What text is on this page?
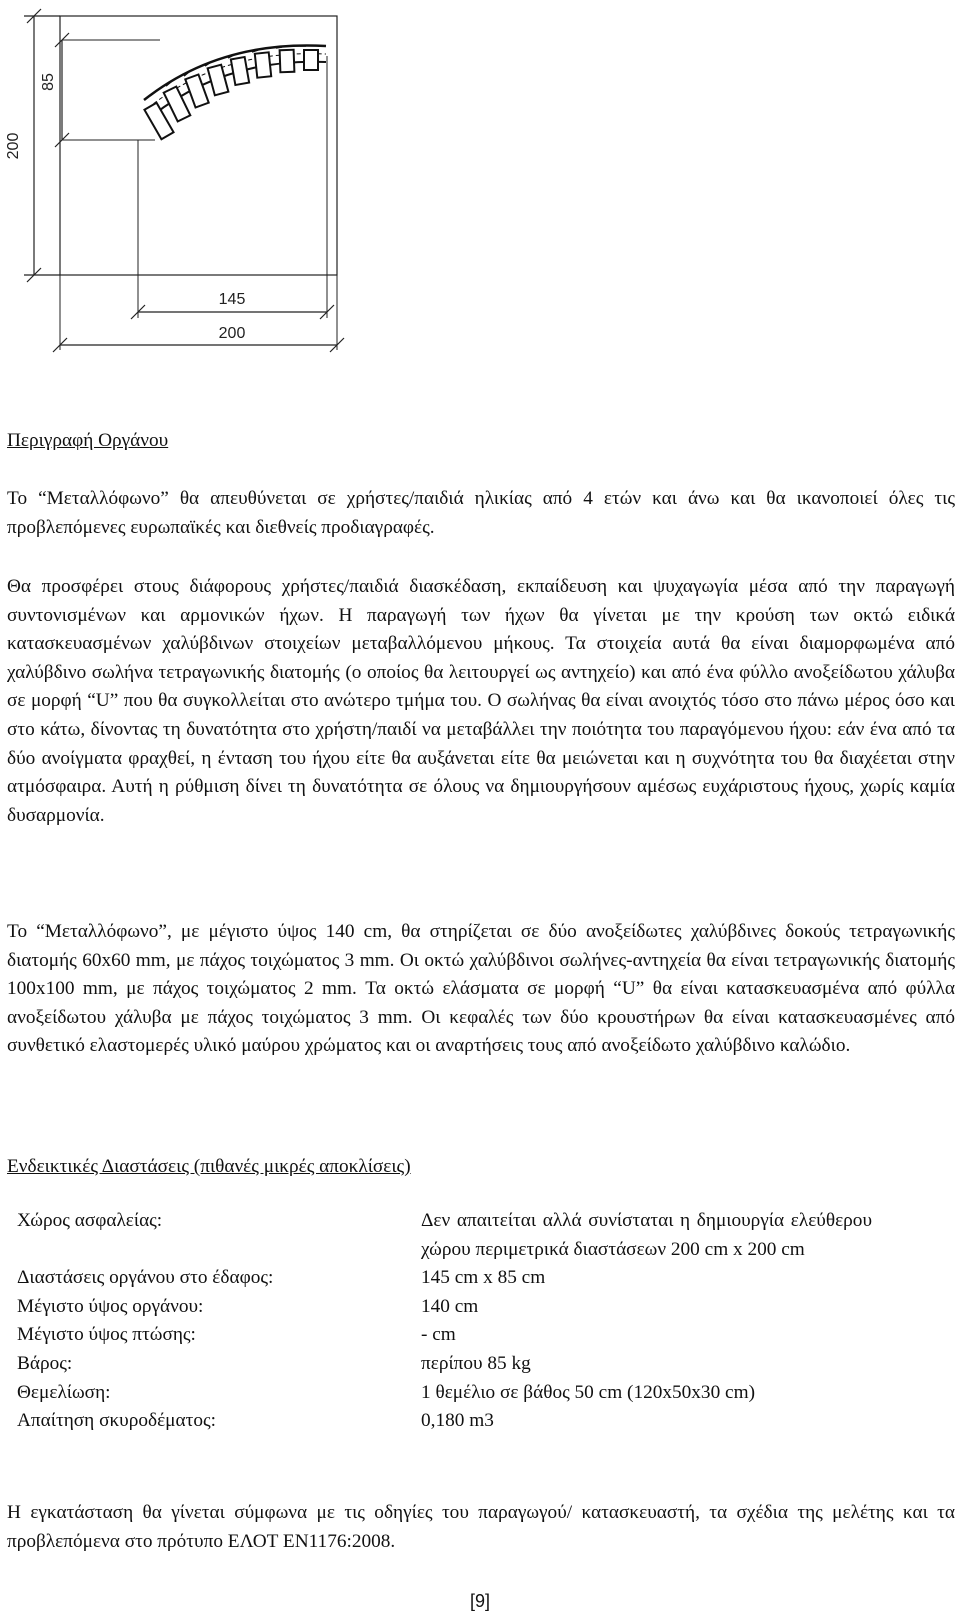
200
85
145
200
Περιγραφή Οργάνου
Το “Μεταλλόφωνο” θα απευθύνεται σε χρήστες/παιδιά ηλικίας από 4 ετών και άνω και θα ικανοποιεί όλες τις προβλεπόμενες ευρωπαϊκές και διεθνείς προδιαγραφές.
Θα προσφέρει στους διάφορους χρήστες/παιδιά διασκέδαση, εκπαίδευση και ψυχαγωγία μέσα από την παραγωγή συντονισμένων και αρμονικών ήχων. Η παραγωγή των ήχων θα γίνεται με την κρούση των οκτώ ειδικά κατασκευασμένων χαλύβδινων στοιχείων μεταβαλλόμενου μήκους. Τα στοιχεία αυτά θα είναι διαμορφωμένα από χαλύβδινο σωλήνα τετραγωνικής διατομής (ο οποίος θα λειτουργεί ως αντηχείο) και από ένα φύλλο ανοξείδωτου χάλυβα σε μορφή “U” που θα συγκολλείται στο ανώτερο τμήμα του. Ο σωλήνας θα είναι ανοιχτός τόσο στο πάνω μέρος όσο και στο κάτω, δίνοντας τη δυνατότητα στο χρήστη/παιδί να μεταβάλλει την ποιότητα του παραγόμενου ήχου: εάν ένα από τα δύο ανοίγματα φραχθεί, η ένταση του ήχου είτε θα αυξάνεται είτε θα μειώνεται και η συχνότητα του θα διαχέεται στην ατμόσφαιρα. Αυτή η ρύθμιση δίνει τη δυνατότητα σε όλους να δημιουργήσουν αμέσως ευχάριστους ήχους, χωρίς καμία δυσαρμονία.
Το “Μεταλλόφωνο”, με μέγιστο ύψος 140 cm, θα στηρίζεται σε δύο ανοξείδωτες χαλύβδινες δοκούς τετραγωνικής διατομής 60x60 mm, με πάχος τοιχώματος 3 mm. Οι οκτώ χαλύβδινοι σωλήνες-αντηχεία θα είναι τετραγωνικής διατομής 100x100 mm, με πάχος τοιχώματος 2 mm. Τα οκτώ ελάσματα σε μορφή “U” θα είναι κατασκευασμένα από φύλλα ανοξείδωτου χάλυβα με πάχος τοιχώματος 3 mm. Οι κεφαλές των δύο κρουστήρων θα είναι κατασκευασμένες από συνθετικό ελαστομερές υλικό μαύρου χρώματος και οι αναρτήσεις τους από ανοξείδωτο χαλύβδινο καλώδιο.
Ενδεικτικές Διαστάσεις (πιθανές μικρές αποκλίσεις)
Χώρος ασφαλείας:	Δεν απαιτείται αλλά συνίσταται η δημιουργία ελεύθερου χώρου περιμετρικά διαστάσεων 200 cm x 200 cm
Διαστάσεις οργάνου στο έδαφος:	145 cm x 85 cm
Μέγιστο ύψος οργάνου:	140 cm
Μέγιστο ύψος πτώσης:	- cm
Βάρος:	περίπου 85 kg
Θεμελίωση:	1 θεμέλιο σε βάθος 50 cm (120x50x30 cm)
Απαίτηση σκυροδέματος:	0,180 m3
Η εγκατάσταση θα γίνεται σύμφωνα με τις οδηγίες του παραγωγού/ κατασκευαστή, τα σχέδια της μελέτης και τα προβλεπόμενα στο πρότυπο ΕΛΟΤ ΕΝ1176:2008.
[9]
